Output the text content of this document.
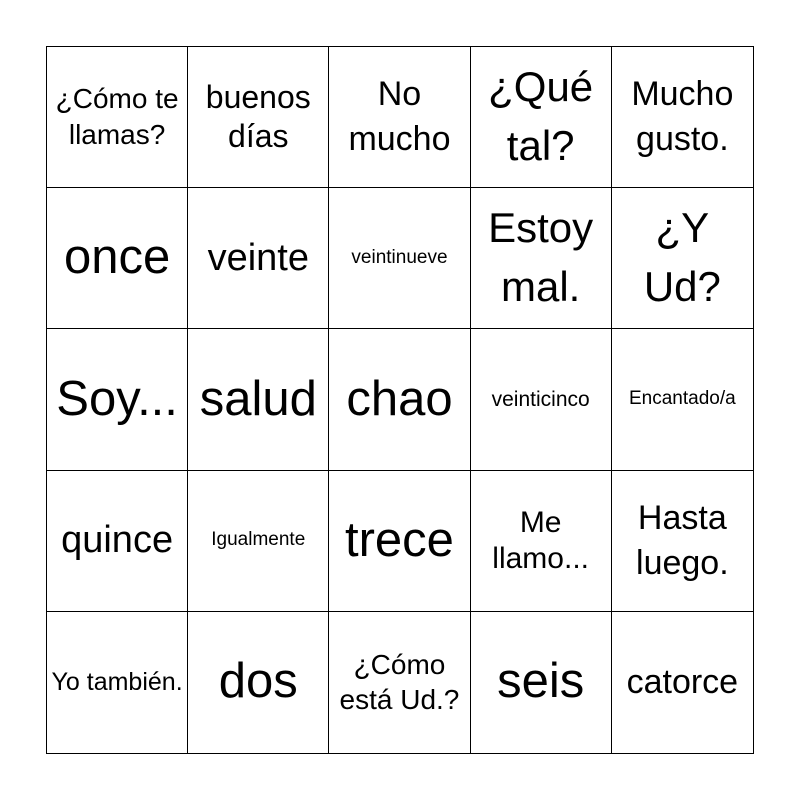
¿Cómo te llamas?
buenos días
No mucho
¿Qué tal?
Mucho gusto.
once veinte veintinueve
Estoy mal.
¿Y Ud?
Soy... salud chao veinticinco Encantado/a
quince Igualmente trece	Me llamo...
Hasta luego.
Yo también. dos	¿Cómo está Ud.? seis catorce
